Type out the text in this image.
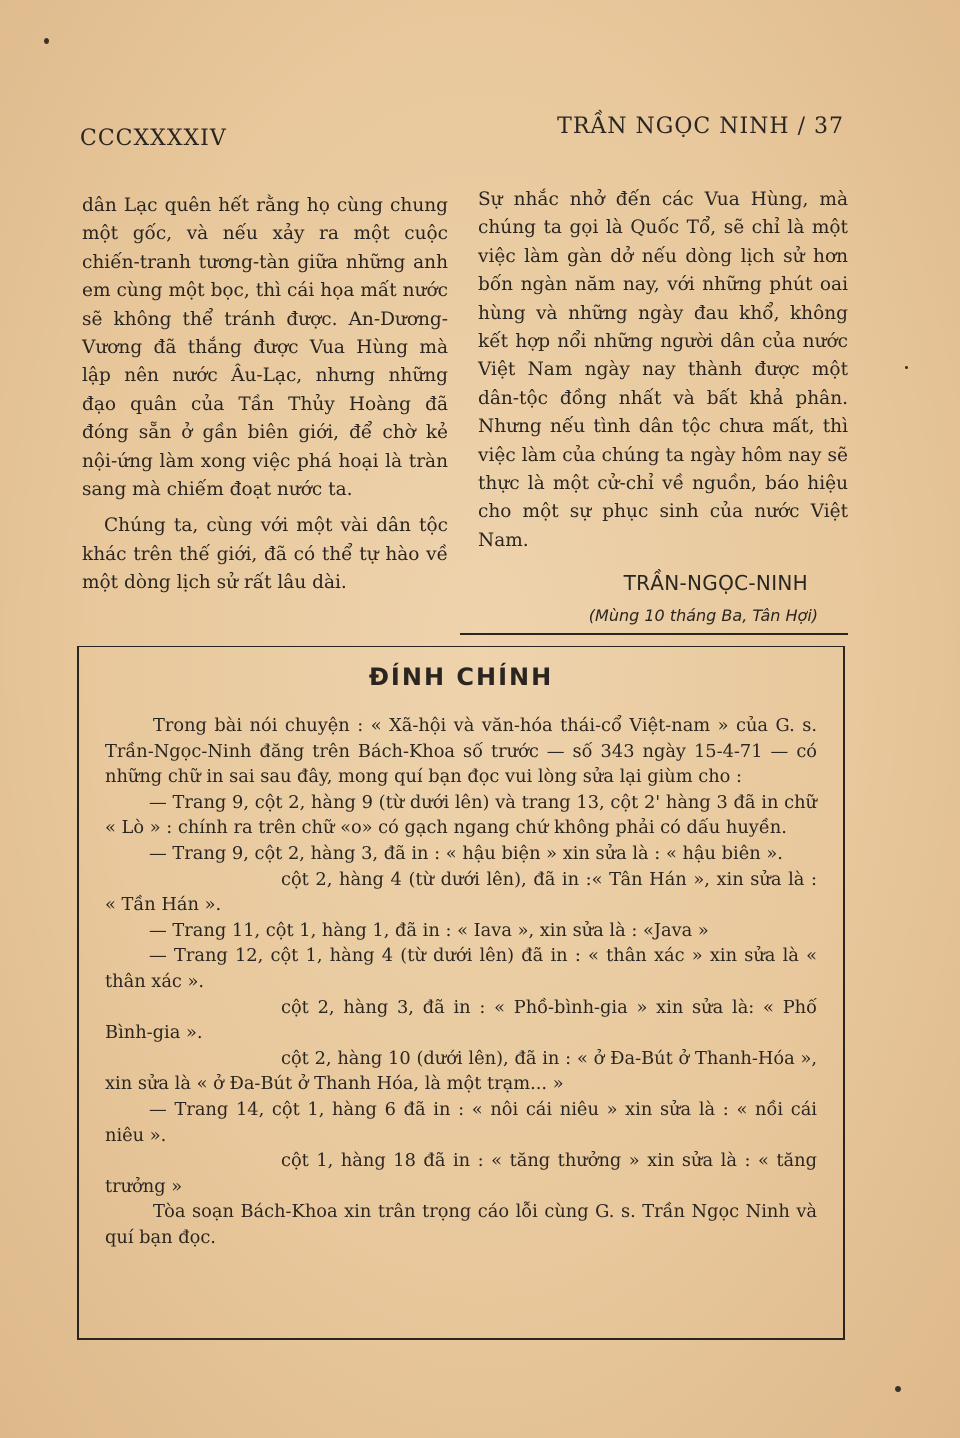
CCCXXXXIV	TRẦN NGỌC NINH / 37

dân Lạc quên hết rằng họ cùng chung một gốc, và nếu xảy ra một cuộc chiến-tranh tương-tàn giữa những anh em cùng một bọc, thì cái họa mất nước sẽ không thể tránh được. An-Dương-Vương đã thắng được Vua Hùng mà lập nên nước Âu-Lạc, nhưng những đạo quân của Tần Thủy Hoàng đã đóng sẵn ở gần biên giới, để chờ kẻ nội-ứng làm xong việc phá hoại là tràn sang mà chiếm đoạt nước ta.

Chúng ta, cùng với một vài dân tộc khác trên thế giới, đã có thể tự hào về một dòng lịch sử rất lâu dài.

Sự nhắc nhở đến các Vua Hùng, mà chúng ta gọi là Quốc Tổ, sẽ chỉ là một việc làm gàn dở nếu dòng lịch sử hơn bốn ngàn năm nay, với những phút oai hùng và những ngày đau khổ, không kết hợp nổi những người dân của nước Việt Nam ngày nay thành được một dân-tộc đồng nhất và bất khả phân. Nhưng nếu tình dân tộc chưa mất, thì việc làm của chúng ta ngày hôm nay sẽ thực là một cử-chỉ về nguồn, báo hiệu cho một sự phục sinh của nước Việt Nam.

TRẦN-NGỌC-NINH
(Mùng 10 tháng Ba, Tân Hợi)
ĐÍNH CHÍNH

Trong bài nói chuyện : « Xã-hội và văn-hóa thái-cổ Việt-nam » của G. s. Trần-Ngọc-Ninh đăng trên Bách-Khoa số trước — số 343 ngày 15-4-71 — có những chữ in sai sau đây, mong quí bạn đọc vui lòng sửa lại giùm cho :

— Trang 9, cột 2, hàng 9 (từ dưới lên) và trang 13, cột 2' hàng 3 đã in chữ « Lò » : chính ra trên chữ «o» có gạch ngang chứ không phải có dấu huyền.

— Trang 9, cột 2, hàng 3, đã in : « hậu biện » xin sửa là : « hậu biên ».

cột 2, hàng 4 (từ dưới lên), đã in :« Tân Hán », xin sửa là : « Tần Hán ».

— Trang 11, cột 1, hàng 1, đã in : « Iava », xin sửa là : «Java »

— Trang 12, cột 1, hàng 4 (từ dưới lên) đã in : « thân xác » xin sửa là « thân xác ».

cột 2, hàng 3, đã in : « Phồ-bình-gia » xin sửa là: « Phố Bình-gia ».

cột 2, hàng 10 (dưới lên), đã in : « ở Đa-Bút ở Thanh-Hóa », xin sửa là « ở Đa-Bút ở Thanh Hóa, là một trạm... »

— Trang 14, cột 1, hàng 6 đã in : « nôi cái niêu » xin sửa là : « nồi cái niêu ».

cột 1, hàng 18 đã in : « tăng thưởng » xin sửa là : « tăng trưởng »

Tòa soạn Bách-Khoa xin trân trọng cáo lỗi cùng G. s. Trần Ngọc Ninh và quí bạn đọc.
